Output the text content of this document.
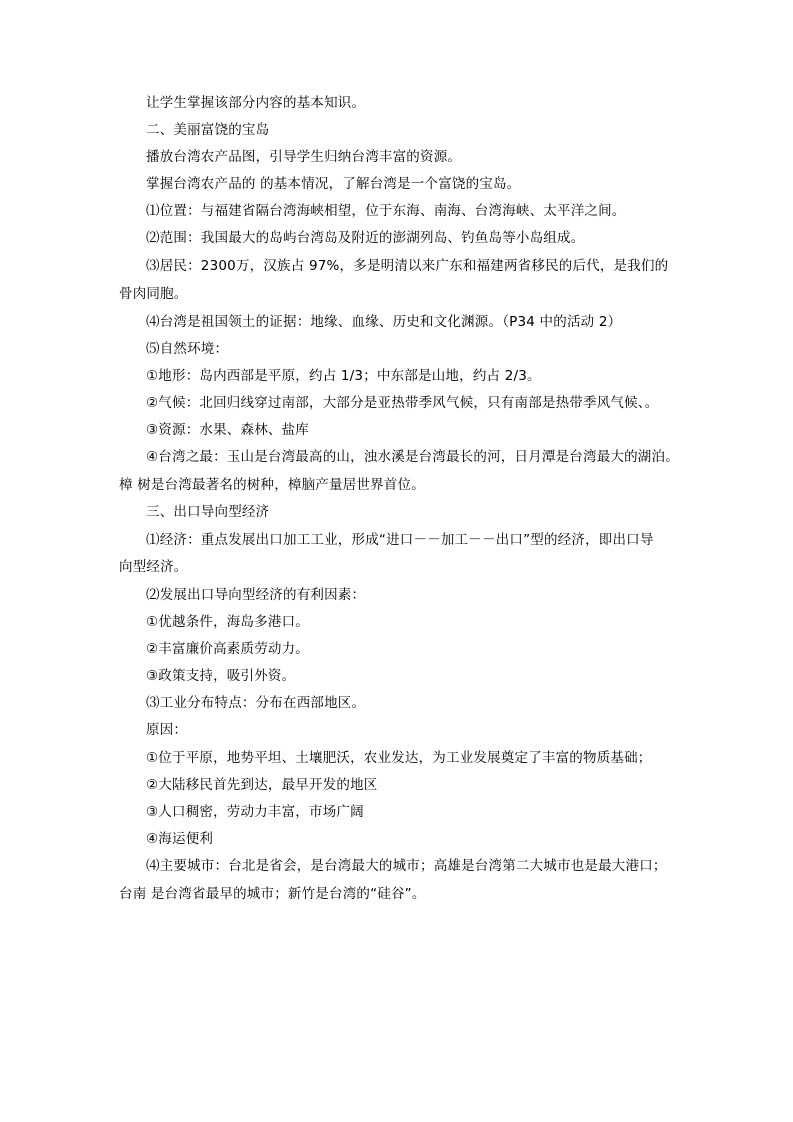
让学生掌握该部分内容的基本知识。
二、美丽富饶的宝岛
播放台湾农产品图，引导学生归纳台湾丰富的资源。
掌握台湾农产品的 的基本情况，了解台湾是一个富饶的宝岛。
⑴位置：与福建省隔台湾海峡相望，位于东海、南海、台湾海峡、太平洋之间。
⑵范围：我国最大的岛屿台湾岛及附近的澎湖列岛、钓鱼岛等小岛组成。
⑶居民：2300万，汉族占 97%，多是明清以来广东和福建两省移民的后代，是我们的
骨肉同胞。
⑷台湾是祖国领土的证据：地缘、血缘、历史和文化渊源。（P34 中的活动 2）
⑸自然环境：
①地形：岛内西部是平原，约占 1/3；中东部是山地，约占 2/3。
②气候：北回归线穿过南部，大部分是亚热带季风气候，只有南部是热带季风气候、。
③资源：水果、森林、盐库
④台湾之最：玉山是台湾最高的山，浊水溪是台湾最长的河，日月潭是台湾最大的湖泊。
樟 树是台湾最著名的树种，樟脑产量居世界首位。
三、出口导向型经济
⑴经济：重点发展出口加工工业，形成“进口－－加工－－出口”型的经济，即出口导
向型经济。
⑵发展出口导向型经济的有利因素：
①优越条件，海岛多港口。
②丰富廉价高素质劳动力。
③政策支持，吸引外资。
⑶工业分布特点：分布在西部地区。
原因：
①位于平原，地势平坦、土壤肥沃，农业发达，为工业发展奠定了丰富的物质基础；
②大陆移民首先到达，最早开发的地区
③人口稠密，劳动力丰富，市场广阔
④海运便利
⑷主要城市：台北是省会，是台湾最大的城市；高雄是台湾第二大城市也是最大港口；
台南 是台湾省最早的城市；新竹是台湾的“硅谷”。
